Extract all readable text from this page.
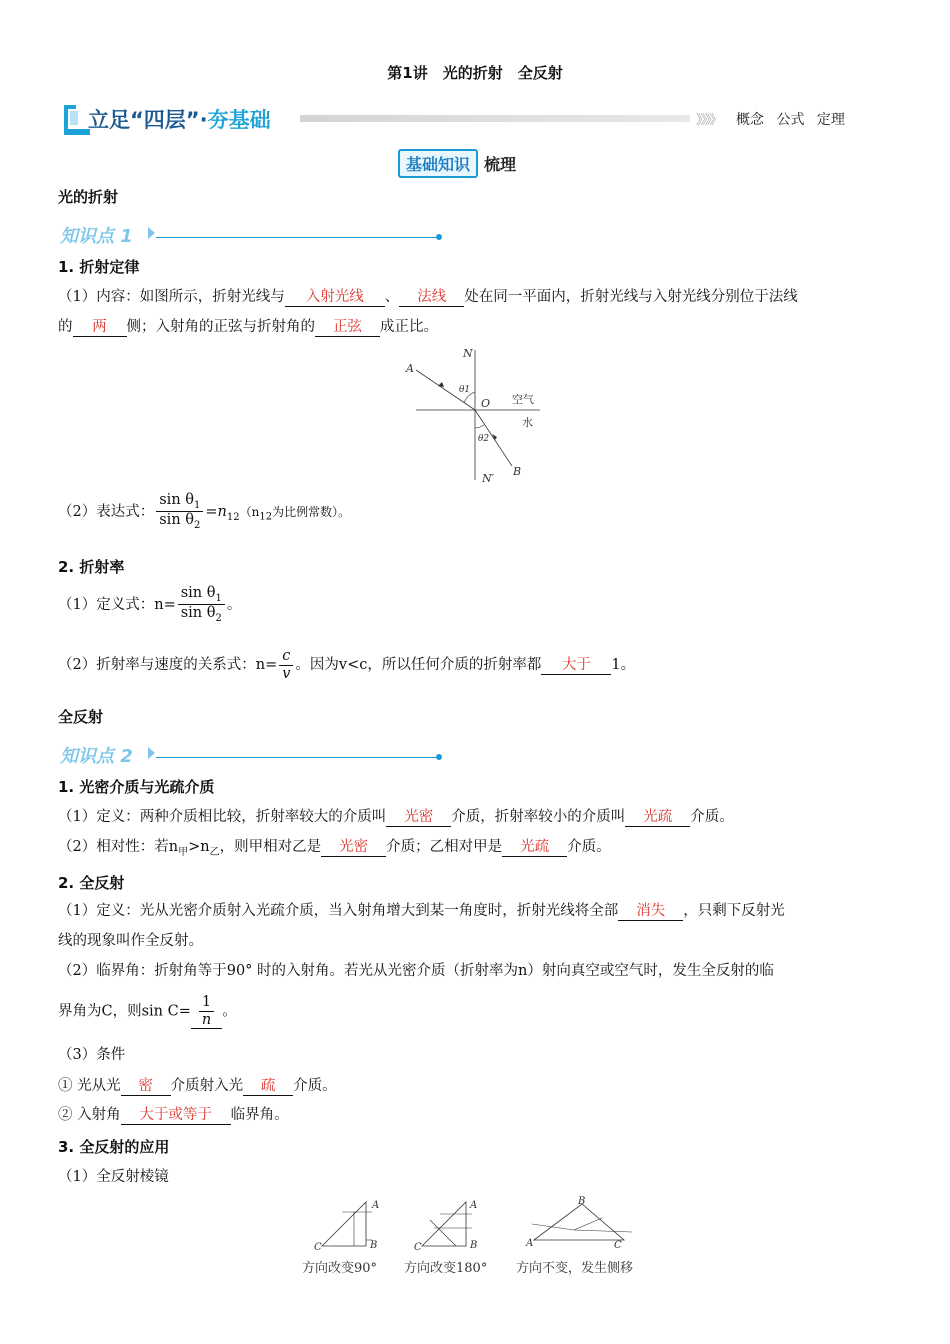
第1讲　光的折射　全反射
立足“四层”·夯基础	》》》》 概念 公式 定理
基础知识 梳理
光的折射
知识点 1
1. 折射定律
（1）内容：如图所示，折射光线与 入射光线 、 法线 处在同一平面内，折射光线与入射光线分别位于法线
的 两 侧；入射角的正弦与折射角的 正弦 成正比。
N
A
O 空气
水
θ1
θ2
N′
B
（2）表达式： $\frac{\sin \theta_1}{\sin \theta_2} =n_{12}(n_{12}$为比例常数）。
2. 折射率
（1）定义式：$n= \frac{\sin \theta_1}{\sin \theta_2}$ 。
（2）折射率与速度的关系式：$n= \frac{c}{v}$ 。因为v<c，所以任何介质的折射率都 大于 1。
全反射
知识点 2
1. 光密介质与光疏介质
（1）定义：两种介质相比较，折射率较大的介质叫 光密 介质，折射率较小的介质叫 光疏 介质。
（2）相对性：若$n_甲>n_乙$，则甲相对乙是 光密 介质；乙相对甲是 光疏 介质。
2. 全反射
（1）定义：光从光密介质射入光疏介质，当入射角增大到某一角度时，折射光线将全部 消失 ，只剩下反射光
线的现象叫作全反射。
（2）临界角：折射角等于90° 时的入射角。若光从光密介质（折射率为n）射向真空或空气时，发生全反射的临
界角为C，则$\sin C= \frac{1}{n}$ 。
（3）条件
① 光从光 密 介质射入光 疏 介质。
② 入射角 大于或等于 临界角。
3. 全反射的应用
（1）全反射棱镜
A
B
C
方向改变90°
A
B
C
方向改变180°
B
A	C
方向不变，发生侧移
